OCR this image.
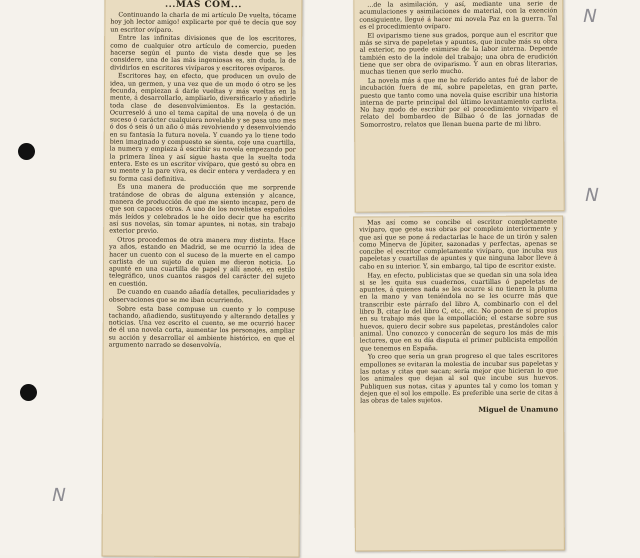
...MAS COM...

Continuando la charla de mi artículo De vuelta, tócame hoy joh lector amigo! explicarte por qué te decía que soy un escritor ovíparo.

Entre las infinitas divisiones que de los escritores, como de cualquier otro artículo de comercio, pueden hacerse según el punto de vista desde que se les considere, una de las más ingeniosas es, sin duda, la de dividirlos en escritores vivíparos y escritores ovíparos.

Escritores hay, en efecto, que producen un ovulo de idea, un germen, y una vez que de un modo ó otro se les fecunda, empiezan á darle vueltas y más vueltas en la mente, á desarrollarlo, ampliarlo, diversificarlo y añadirle toda clase de desenvolvimientos. Es la gestación. Ocurreseló á uno el tema capital de una novela ó de un suceso ó carácter cualquiera novelable y se pasa uno mes ó dos ó seis ó un año ó más revolviendo y desenvolviendo en su fantasía la futura novela. Y cuando ya lo tiene todo bien imaginado y compuesto se sienta, coje una cuartilla, la numera y empieza á escribir su novela empezando por la primera línea y así sigue hasta que la suelta toda entera. Este es un escritor vivíparo, que gestó su obra en su mente y la pare viva, es decir entera y verdadera y en su forma casi definitiva.

Es una manera de producción que me sorprende tratándose de obras de alguna extensión y alcance, manera de producción de que me siento incapaz, pero de que son capaces otros. A uno de los novelistas españoles más leídos y celebrados le he oído decir que ha escrito así sus novelas, sin tomar apuntes, ni notas, sin trabajo exterior previo.

Otros procedemos de otra manera muy distinta. Hace ya años, estando en Madrid, se me ocurrió la idea de hacer un cuento con el suceso de la muerte en el campo carlista de un sujeto de quien me dieron noticia. Lo apunté en una cuartilla de papel y allí anoté, en estilo telegráfico, unos cuantos rasgos del carácter del sujeto en cuestión.

De cuando en cuando añadía detalles, peculiaridades y observaciones que se me iban ocurriendo.

Sobre esta base compuse un cuento y lo compuse tachando, añadiendo, sustituyendo y alterando detalles y noticias. Una vez escrito el cuento, se me ocurrió hacer de él una novela corta, aumentar los personajes, ampliar su acción y desarrollar el ambiente histórico, en que el argumento narrado se desenvolvía.

...de la asimilación, y así, mediante una serie de acumulaciones y asimilaciones de material, con la exención consiguiente, llegué á hacer mi novela Paz en la guerra. Tal es el procedimiento ovíparo.

El oviparismo tiene sus grados, porque aun el escritor que más se sirva de papeletas y apuntes, que incube más su obra al exterior, no puede eximirse de la labor interna. Depende también esto de la índole del trabajo; una obra de erudición tiene que ser obra de oviparismo. Y aun en obras literarias, muchas tienen que serlo mucho.

La novela más á que me he referido antes fué de labor de incubación fuera de mí, sobre papeletas, en gran parte, puesto que tanto como una novela quise escribir una historia interna de parte principal del último levantamiento carlista. No hay modo de escribir por el procedimiento vivíparo el relato del bombardeo de Bilbao ó de las jornadas de Somorrostro, relatos que llenan buena parte de mi libro.

Mas así como se concibe el escritor completamente vivíparo, que gesta sus obras por completo interiormente y que así que se pone á redactarlas le hace de un tirón y salen como Minerva de Júpiter, sazonadas y perfectas, apenas se concibe el escritor completamente vivíparo, que incuba sus papeletas y cuartillas de apuntes y que ninguna labor lleve á cabo en su interior. Y, sin embargo, tal tipo de escritor existe.

Hay, en efecto, publicistas que se quedan sin una sola idea si se les quita sus cuadernos, cuartillas ó papeletas de apuntes, á quienes nada se les ocurre si no tienen la pluma en la mano y van teniéndola no se les ocurre más que transcribir este párrafo del libro A, combinarlo con el del libro B, citar lo del libro C, etc., etc. No ponen de sí propios en su trabajo más que la empollación; el estarse sobre sus huevos, quiero decir sobre sus papeletas, prestándoles calor animal. Uno conozco y conocerán de seguro los más de mis lectores, que en su día disputa el primer publicista empollón que tenemos en España.

Yo creo que sería un gran progreso el que tales escritores empollones se evitaran la molestia de incubar sus papeletas y las notas y citas que sacan; sería mejor que hicieran lo que los animales que dejan al sol que incube sus huevos. Publiquen sus notas, citas y apuntes tal y como los toman y dejen que el sol los empolle. Es preferible una serie de citas á las obras de tales sujetos.

Miguel de Unamuno
N
N
N
